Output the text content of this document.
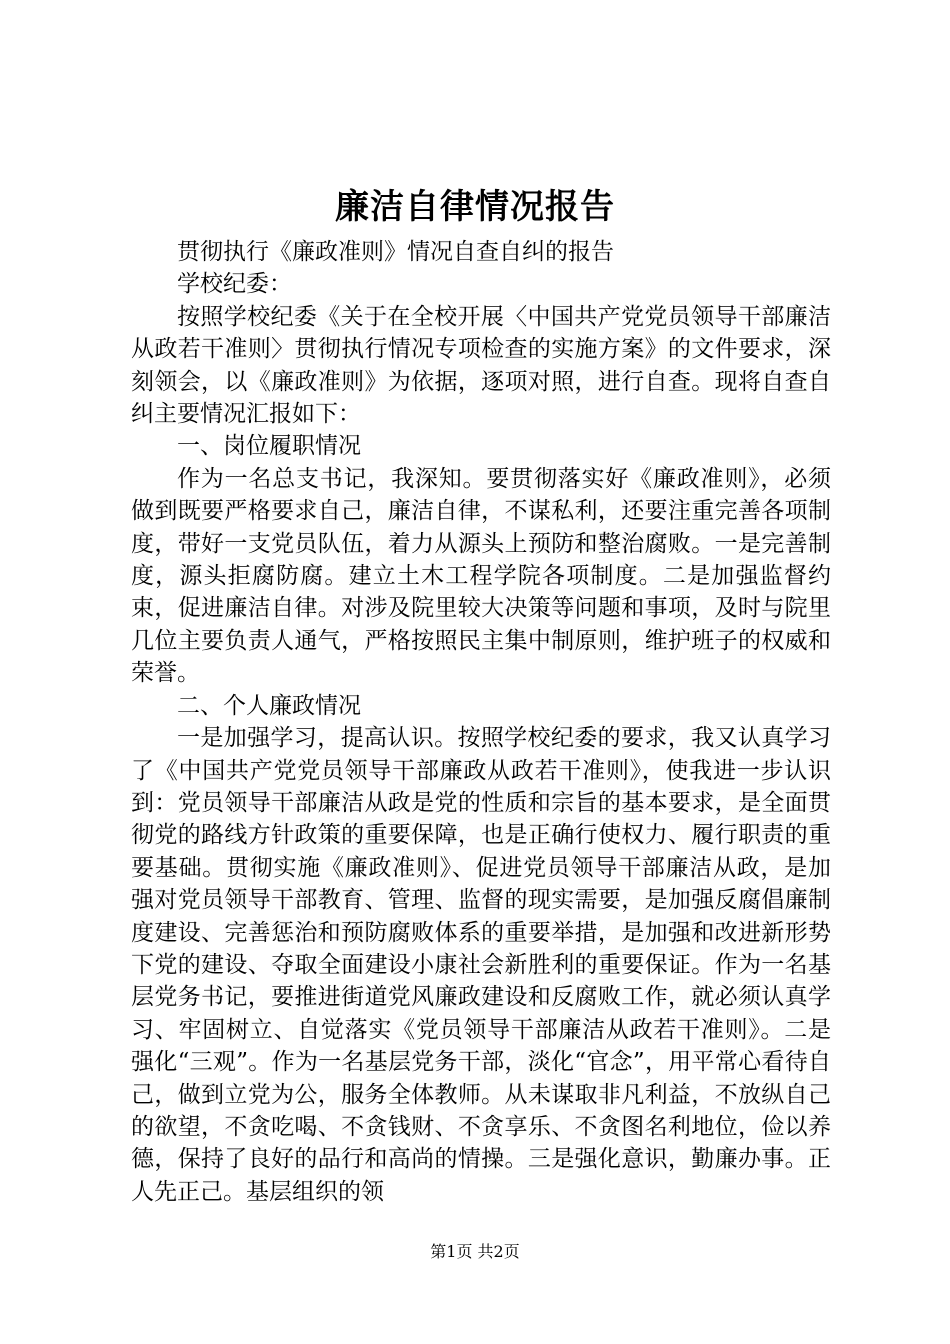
廉洁自律情况报告

贯彻执行《廉政准则》情况自查自纠的报告

学校纪委：

按照学校纪委《关于在全校开展〈中国共产党党员领导干部廉洁从政若干准则〉贯彻执行情况专项检查的实施方案》的文件要求，深刻领会，以《廉政准则》为依据，逐项对照，进行自查。现将自查自纠主要情况汇报如下：

一、岗位履职情况

作为一名总支书记，我深知。要贯彻落实好《廉政准则》，必须做到既要严格要求自己，廉洁自律，不谋私利，还要注重完善各项制度，带好一支党员队伍，着力从源头上预防和整治腐败。一是完善制度，源头拒腐防腐。建立土木工程学院各项制度。二是加强监督约束，促进廉洁自律。对涉及院里较大决策等问题和事项，及时与院里几位主要负责人通气，严格按照民主集中制原则，维护班子的权威和荣誉。

二、个人廉政情况

一是加强学习，提高认识。按照学校纪委的要求，我又认真学习了《中国共产党党员领导干部廉政从政若干准则》，使我进一步认识到：党员领导干部廉洁从政是党的性质和宗旨的基本要求，是全面贯彻党的路线方针政策的重要保障，也是正确行使权力、履行职责的重要基础。贯彻实施《廉政准则》、促进党员领导干部廉洁从政，是加强对党员领导干部教育、管理、监督的现实需要，是加强反腐倡廉制度建设、完善惩治和预防腐败体系的重要举措，是加强和改进新形势下党的建设、夺取全面建设小康社会新胜利的重要保证。作为一名基层党务书记，要推进街道党风廉政建设和反腐败工作，就必须认真学习、牢固树立、自觉落实《党员领导干部廉洁从政若干准则》。二是强化“三观”。作为一名基层党务干部，淡化“官念”，用平常心看待自己，做到立党为公，服务全体教师。从未谋取非凡利益，不放纵自己的欲望，不贪吃喝、不贪钱财、不贪享乐、不贪图名利地位，俭以养德，保持了良好的品行和高尚的情操。三是强化意识，勤廉办事。正人先正己。基层组织的领

第1页 共2页
